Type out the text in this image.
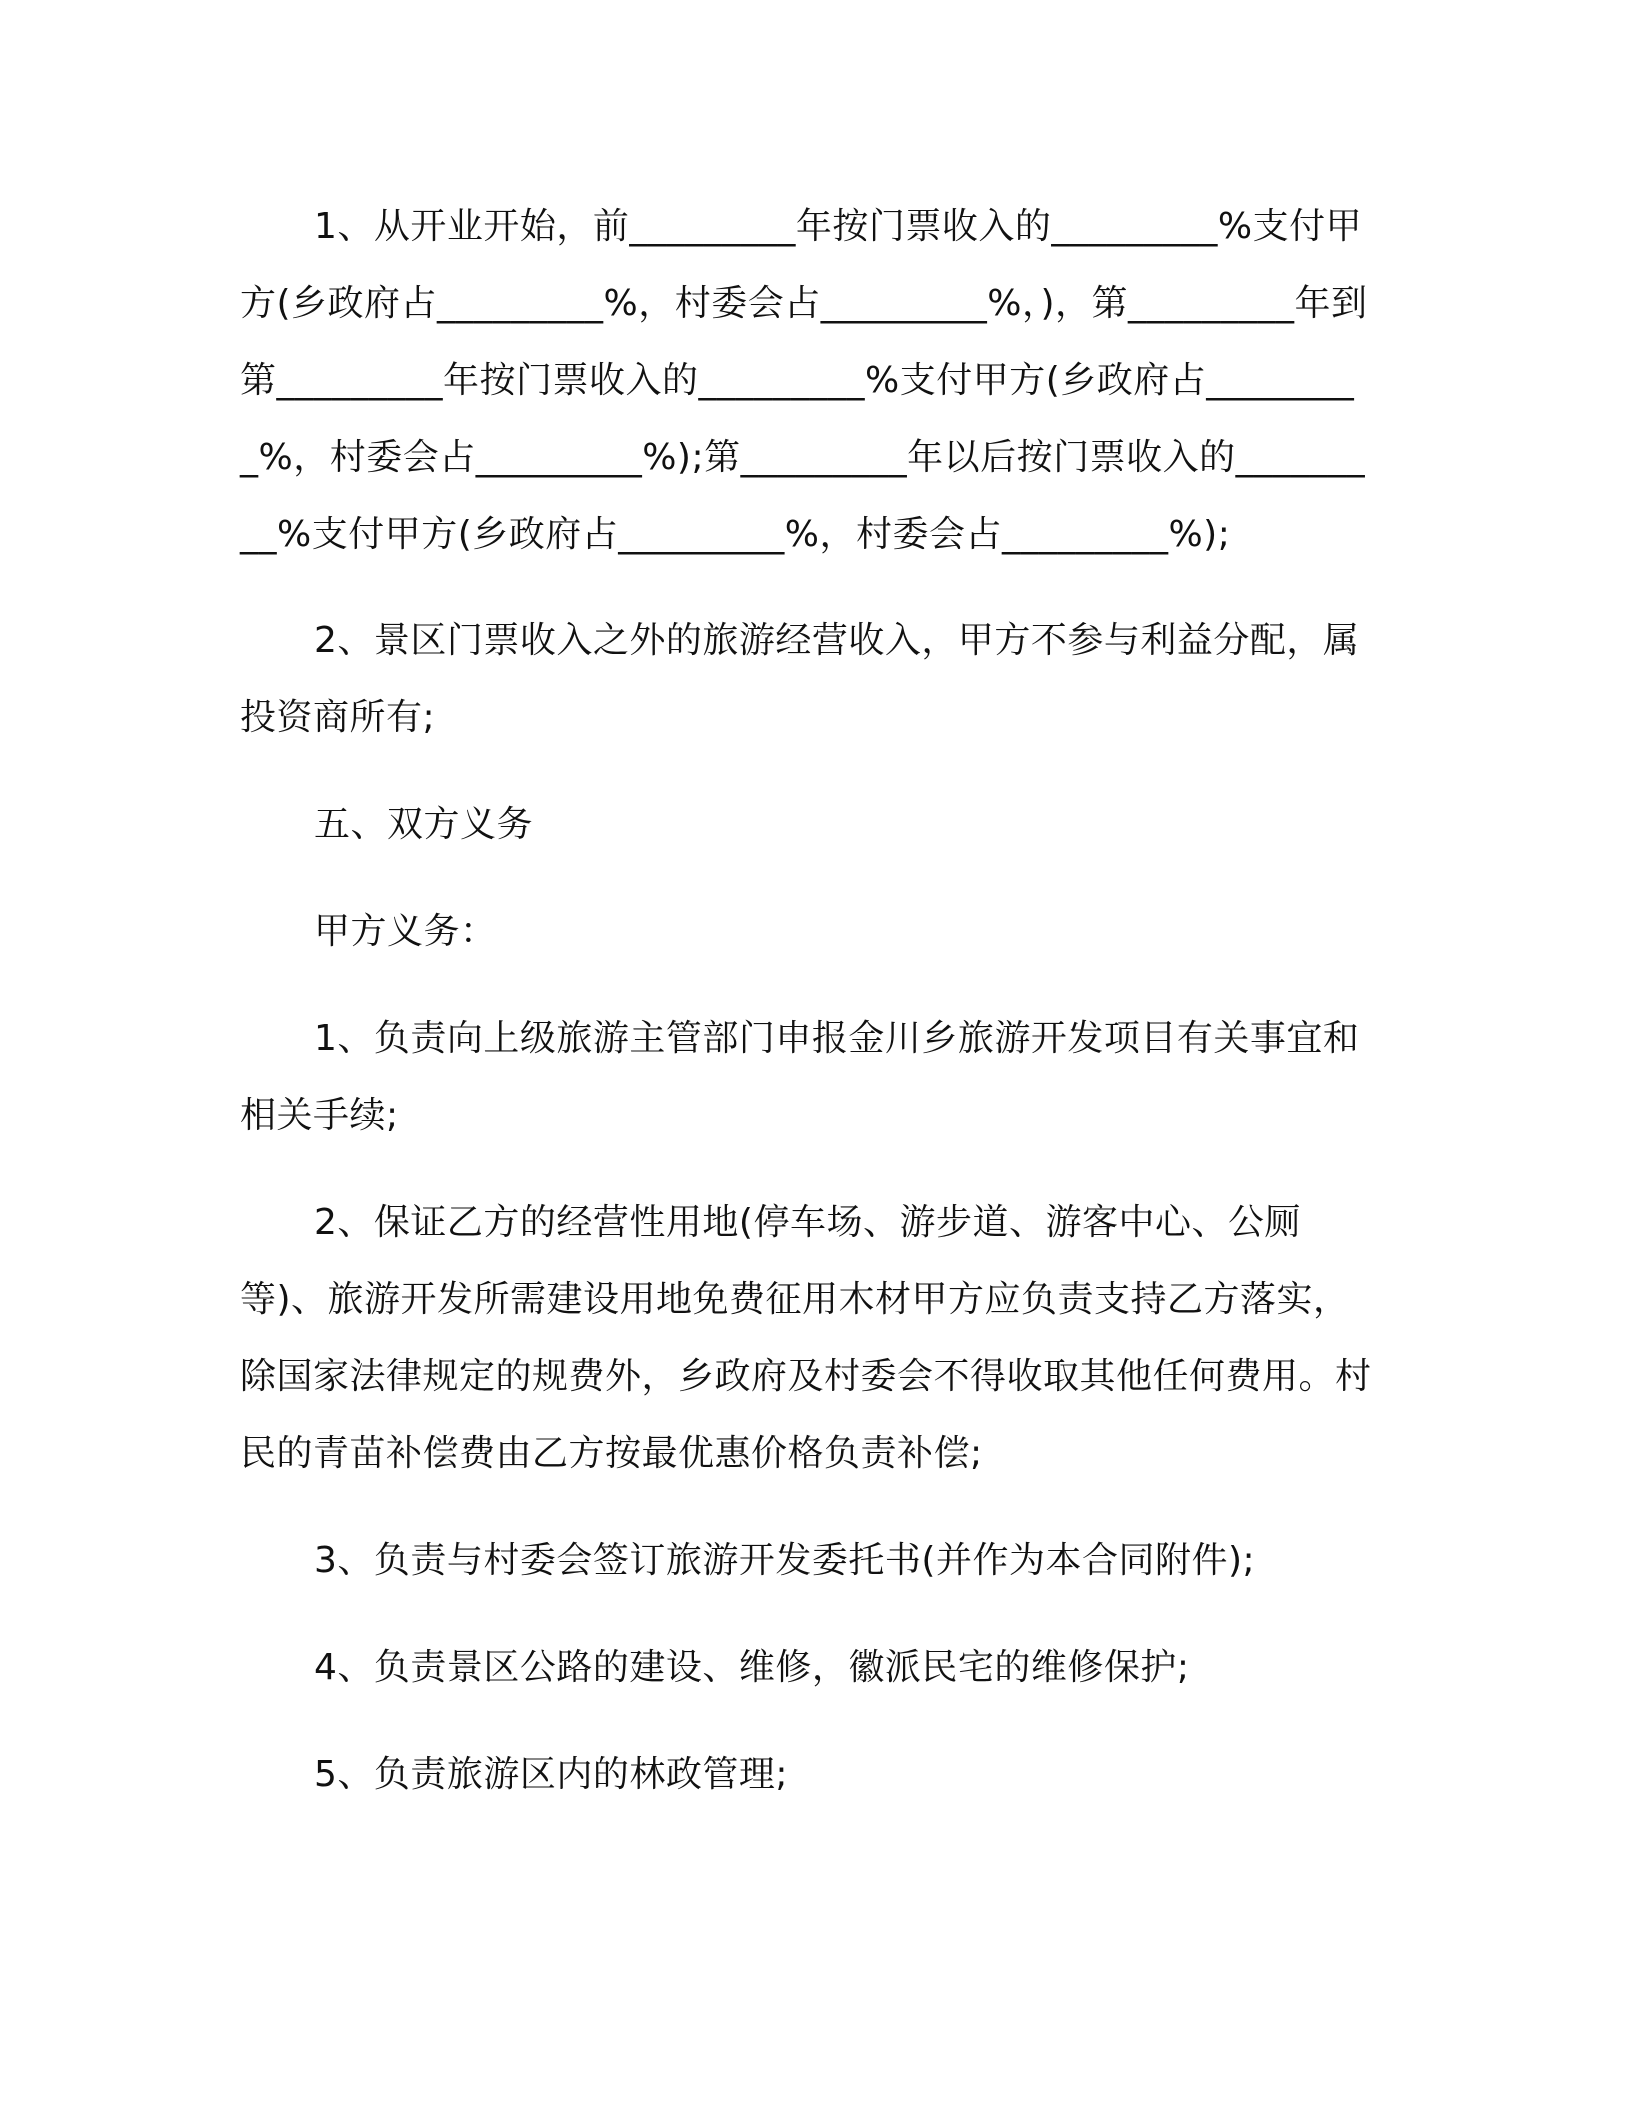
1、从开业开始，前_________年按门票收入的_________%支付甲方(乡政府占_________%，村委会占_________%，)，第_________年到第_________年按门票收入的_________%支付甲方(乡政府占_________%，村委会占_________%);第_________年以后按门票收入的_________%支付甲方(乡政府占_________%，村委会占_________%);

2、景区门票收入之外的旅游经营收入，甲方不参与利益分配，属投资商所有;

五、双方义务

甲方义务：

1、负责向上级旅游主管部门申报金川乡旅游开发项目有关事宜和相关手续;

2、保证乙方的经营性用地(停车场、游步道、游客中心、公厕等)、旅游开发所需建设用地免费征用木材甲方应负责支持乙方落实，除国家法律规定的规费外，乡政府及村委会不得收取其他任何费用。村民的青苗补偿费由乙方按最优惠价格负责补偿;

3、负责与村委会签订旅游开发委托书(并作为本合同附件);

4、负责景区公路的建设、维修，徽派民宅的维修保护;

5、负责旅游区内的林政管理;
